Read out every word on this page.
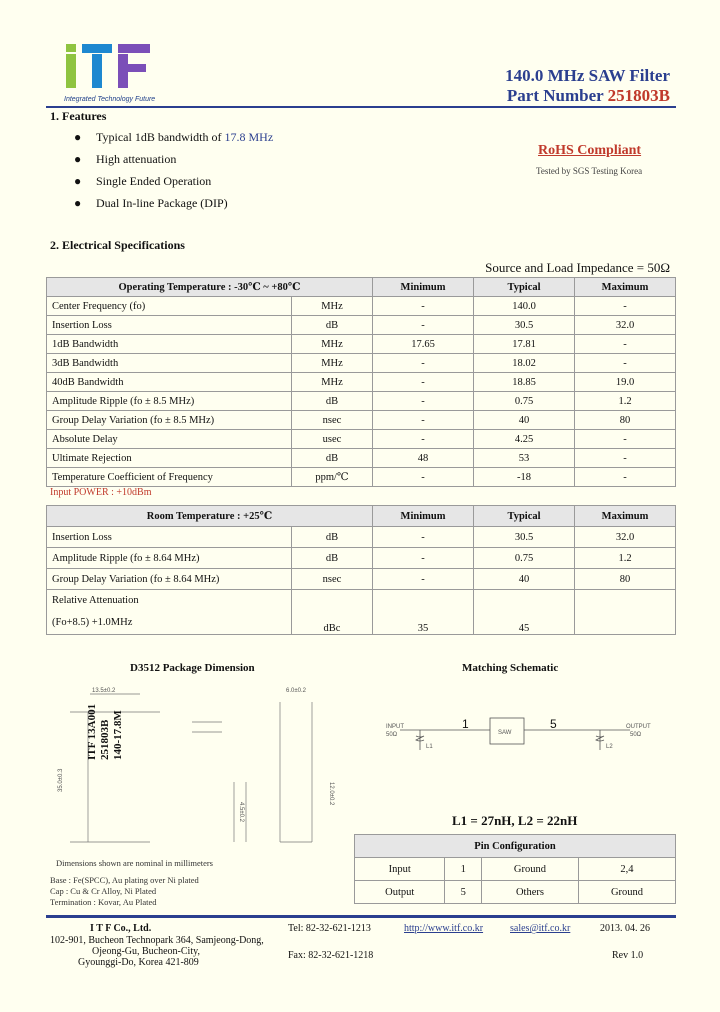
Integrated Technology Future
140.0 MHz SAW Filter
Part Number 251803B
1. Features
● Typical 1dB bandwidth of 17.8 MHz
● High attenuation
● Single Ended Operation
● Dual In-line Package (DIP)
RoHS Compliant
Tested by SGS Testing Korea
2. Electrical Specifications
Source and Load Impedance = 50Ω
Operating Temperature : -30℃ ~ +80℃		Minimum	Typical	Maximum
Center Frequency (fo)	MHz	-	140.0	-
Insertion Loss	dB	-	30.5	32.0
1dB Bandwidth	MHz	17.65	17.81	-
3dB Bandwidth	MHz	-	18.02	-
40dB Bandwidth	MHz	-	18.85	19.0
Amplitude Ripple (fo ± 8.5 MHz)	dB	-	0.75	1.2
Group Delay Variation (fo ± 8.5 MHz)	nsec	-	40	80
Absolute Delay	usec	-	4.25	-
Ultimate Rejection	dB	48	53	-
Temperature Coefficient of Frequency	ppm/℃	-	-18	-
Input POWER : +10dBm
Room Temperature : +25℃		Minimum	Typical	Maximum
Insertion Loss	dB	-	30.5	32.0
Amplitude Ripple (fo ± 8.64 MHz)	dB	-	0.75	1.2
Group Delay Variation (fo ± 8.64 MHz)	nsec	-	40	80
Relative Attenuation
(Fo+8.5) +1.0MHz	dBc	35	45	
D3512 Package Dimension
13.5±0.2	6.0±0.2
12.0±0.2
4.5±0.2
35.0±0.3
ITF 13A001 251803B 140-17.8M
Dimensions shown are nominal in millimeters
Base : Fe(SPCC), Au plating over Ni plated
Cap : Cu & Cr Alloy, Ni Plated
Termination : Kovar, Au Plated
Matching Schematic
INPUT
50Ω
OUTPUT
50Ω
L1	L2
SAW
1	5
L1 = 27nH, L2 = 22nH
Pin Configuration			
Input	1	Ground	2,4
Output	5	Others	Ground
I T F Co., Ltd.
102-901, Bucheon Technopark 364, Samjeong-Dong,
Ojeong-Gu, Bucheon-City,
Gyounggi-Do, Korea 421-809
Tel: 82-32-621-1213
Fax: 82-32-621-1218
http://www.itf.co.kr	sales@itf.co.kr	2013. 04. 26
Rev 1.0
